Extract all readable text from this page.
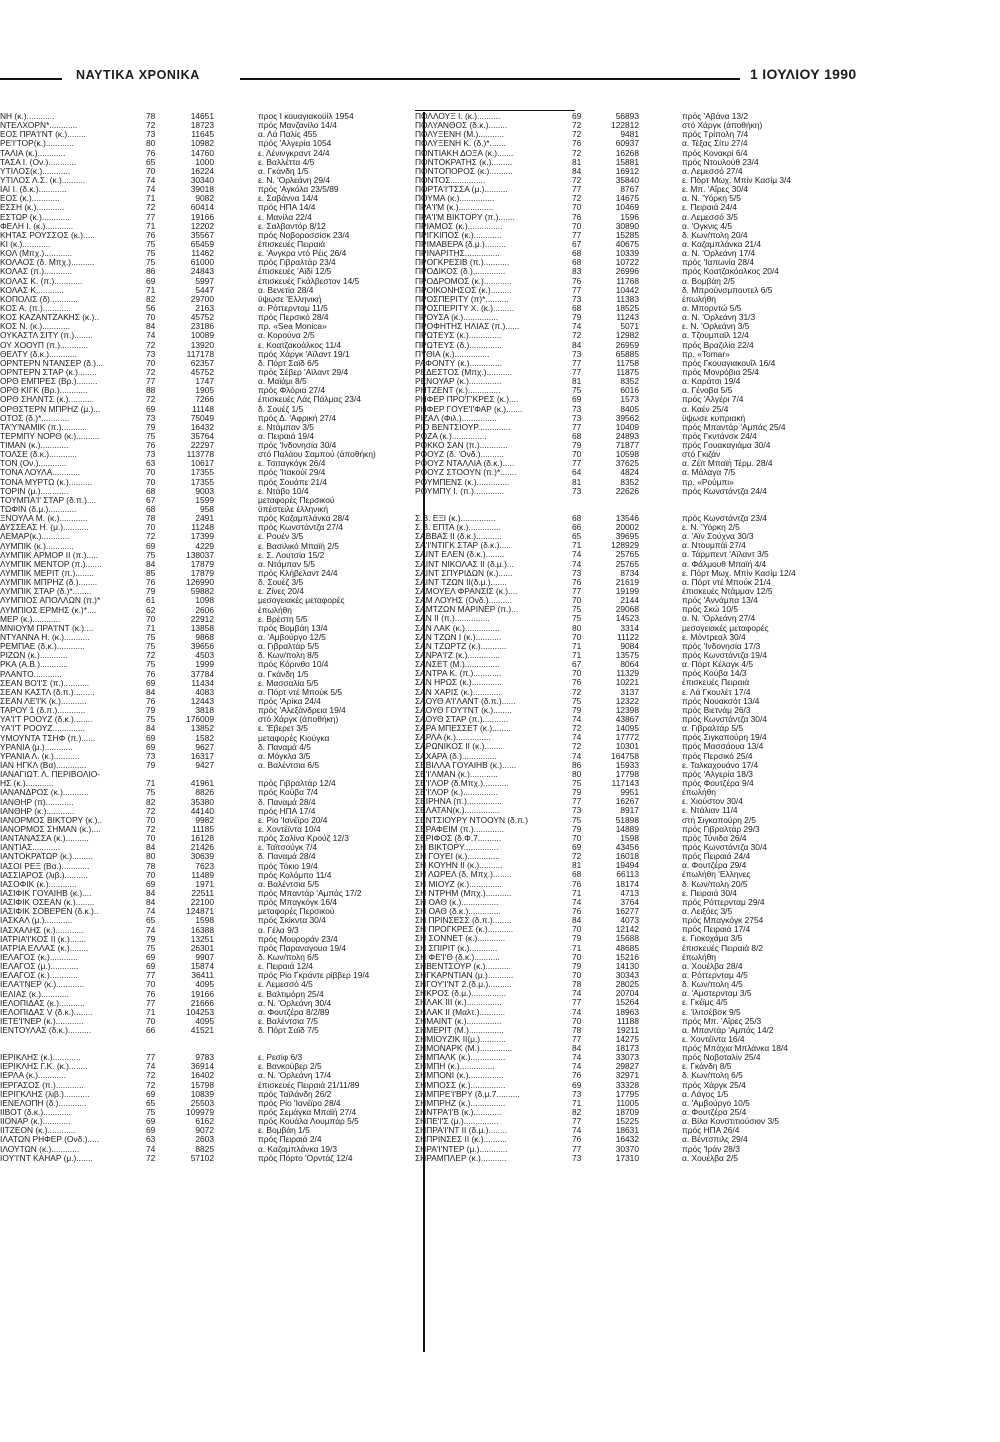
ΝΑΥΤΙΚΑ ΧΡΟΝΙΚΑ	1 ΙΟΥΛΙΟΥ 1990
ΝΗ (κ.)............	78	14651	προς Ι κουαγιακοϋίλ 1954
ΝΤΕΛΧΟΡΝ*............	72	18723	πρός Μανζανίλο 14/4
ΕΟΣ ΠΡΑ'Ι'ΝΤ (κ.)........	73	11645	α. Λά Παλίς 455
ΡΕ'Ι'ΤΟΡ(κ.)............	80	10982	πρός 'Αλγερία 1054
ΤΑΛΙΑ (κ.)............	76	14760	ε. Λένινγκραντ 24/4
ΤΑΣΑ Ι. (Ον.)............	65	1000	ε. Βαλλέττα 4/5
ΥΤΙΛΟΣ(κ.)............	70	16224	α. Γκάνδη 1/5
ΥΤΙΛΟΣ Λ.Σ. (κ.)..........	74	30340	ε. Ν. 'Ορλεάνη 29/4
ΙΑΙ Ι. (δ.κ.)............	74	39018	πρός 'Αγκόλα 23/5/89
ΕΟΣ (κ.)............	71	9082	ε. Σαβάννα 14/4
ΕΣΣΗ (κ.)............	72	60414	πρός ΗΠΑ 14/4
ΕΣΤΩΡ (κ.)............	77	19166	ε. Μανίλα 22/4
ΦΕΛΗ Ι. (κ.)............	71	12202	ε. Σαλβαντόρ 8/12
ΚΗΤΑΣ ΡΟΥΣΣΟΣ (κ.).....	76	35567	πρός Νοβοροσσίσκ 23/4
ΚΙ (κ.)............	75	65459	έπισκευές Πειραιά
ΚΟΛ (Μπχ.)............	75	11462	ε. 'Ανγκρα ντό Ρέις 26/4
ΚΟΛΑΟΣ (δ. Μπχ.)..........	75	61000	πρός Γιβραλτάρ 23/4
ΚΟΛΑΣ (π.)............	86	24843	έπισκευές 'Αϊδί 12/5
ΚΟΛΑΣ Κ. (π.)............	69	5997	έπισκευές Γκάλβεστον 14/5
ΚΟΛΑΣ Κ............	71	5447	α. Βενετία 28/4
ΚΟΠΟΛΙΣ (δ)............	82	29700	ϋψωσε 'Ελληνική
ΚΟΣ Α. (π.)............	56	2163	α. Ρόττερνταμ 11/5
ΚΟΣ ΚΑΖΑΝΤΖΑΚΗΣ (κ.)..	70	45752	πρός Περσικό 28/4
ΚΟΣ Ν. (κ.)............	84	23186	πρ. «Sea Monica»
ΟΥΚΑΣΤΛ ΣΙΤΥ (π.)........	74	10089	α. Κορούνα 2/5
ΟΥ ΧΟΟΥΠ (π.)............	72	13920	ε. Κοατζακοάλκος 11/4
ΘΕΛΤΥ (δ.κ.)............	73	117178	πρός Χάργκ 'Αϊλαντ 19/1
ΟΡΝΤΕΡΝ ΝΤΑΝΣΕΡ (δ.)...	70	62357	δ. Πόρτ Σαϊδ 6/5
ΟΡΝΤΕΡΝ ΣΤΑΡ (κ.)........	72	45752	πρός Σέβερ 'Αϊλαντ 29/4
ΟΡΘ ΕΜΠΡΕΣ (Βρ.).........	77	1747	α. Μαϊάμι 8/5
ΟΡΘ ΚΙΓΚ (Βρ.)............	88	1905	πρός Φλόρια 27/4
ΟΡΘ ΣΗΛΝΤΣ (κ.)...........	72	7266	έπισκευές Λάς Πάλμας 23/4
ΟΡΘΣΤΕΡΝ ΜΠΡΗΖ (μ.)...	69	11148	δ. Σουέζ 1/5
ΟΤΟΣ (δ.)*............	73	75049	πρός Δ. 'Αφρική 27/4
ΤΑ'Υ'ΝΑΜΙΚ (π.)...........	79	16432	ε. Ντάμπαν 3/5
ΤΕΡΜΠΥ ΝΟΡΘ (κ.)..........	75	35764	α. Πειραιά 19/4
ΤΙΜΑΝ (κ.)............	76	22297	πρός 'Ινδονησία 30/4
ΤΟΛΣΕ (δ.κ.)............	73	113778	στό Παλάου Σαμπού (άποθήκη)
ΤΟΝ (Ον.)............	63	10617	ε. Τσιταγκόγκ 26/4
ΤΟΝΑ ΛΟΥΛΑ............	70	17355	πρός 'Ιτακούϊ 29/4
ΤΟΝΑ ΜΥΡΤΩ (κ.)..........	70	17355	πρός Σουάπε 21/4
ΤΟΡΙΝ (μ.)............	68	9003	ε. Ντάβο 10/4
ΤΟΥΜΠΑ'Ι' ΣΤΑΡ (δ.π.)....	67	1599	μεταφορές Περσικού
ΤΩΦΙΝ (δ.μ.)............	68	958	ϋπέστειλε έλληνική
ΞΝΟΥΛΑ Μ. (κ.)............	78	2491	πρός Καζαμπλάνκα 28/4
ΔΥΣΣΕΑΣ Η. (μ.)...........	70	11248	πρός Κωνστάντζα 27/4
ΛΕΜΑΡ(κ.)............	72	17399	ε. Ρουέν 3/5
ΛΥΜΠΙΚ (κ.)............	69	4229	ε. Βασιλικό Μπαϊή 2/5
ΛΥΜΠΙΚ ΑΡΜΟΡ ΙΙ (π.).....	75	138037	ε. Σ. Λουτσία 15/2
ΛΥΜΠΙΚ ΜΕΝΤΟΡ (π.).......	84	17879	α. Ντάμπαν 5/5
ΛΥΜΠΙΚ ΜΕΡΙΤ (π.)........	85	17879	πρός Κλήβελαντ 24/4
ΛΥΜΠΙΚ ΜΠΡΗΖ (δ.)........	76	126990	δ. Σουέζ 3/5
ΛΥΜΠΙΚ ΣΤΑΡ (δ.)*........	79	59882	ε. Ζίνες 20/4
ΛΥΜΠΙΟΣ ΑΠΟΛΛΩΝ (π.)*	61	1098	μεσογειακές μεταφορές
ΛΥΜΠΙΟΣ ΕΡΜΗΣ (κ.)*....	62	2606	έπωλήθη
ΜΕΡ (κ.)............	70	22912	ε. Βρέστη 5/5
ΜΝΙΟΥΜ ΠΡΑ'Ι'ΝΤ (κ.)....	71	13858	πρός Βομβάη 13/4
ΝΤΥΑΝΝΑ Η. (κ.)...........	75	9868	α. 'Αμβούργο 12/5
ΡΕΜΠΑΕ (δ.κ.)............	75	39656	α. Γιβραλτάρ 5/5
ΡΙΖΩΝ (κ.)............	72	4503	δ. Κων/πολη 8/5
ΡΚΑ (Α.Β.)............	75	1999	πρός Κόρινθο 10/4
ΡΛΑΝΤΟ............	76	37784	α. Γκάνδη 1/5
ΣΕΑΝ ΒΟ'Ι'Σ (π.)...........	69	11434	ε. Μασσαλία 5/5
ΣΕΑΝ ΚΑΣΤΛ (δ.π.).........	84	4083	α. Πόρτ ντέ Μπούκ 5/5
ΣΕΑΝ ΛΕ'Ι'Κ (κ.)...........	76	12443	πρός 'Αρίκα 24/4
ΤΑΡΟΥ 1 (δ.π.)............	79	3818	πρός 'Αλεξάνδρεια 19/4
ΥΑ'Ι'Τ ΡΟΟΥΖ (δ.κ.)........	75	176009	στό Χάργκ (άποθήκη)
ΥΑ'Ι'Τ ΡΟΟΥΖ..............	84	13852	ε. 'Εβερετ 3/5
ΥΜΟΥΝΤΑ ΤΣΗΦ (π.)......	69	1582	μεταφορές Κιούγκα
ΥΡΑΝΙΑ (μ.)............	69	9627	δ. Παναμά 4/5
ΥΡΑΝΙΑ Λ. (κ.)...........	73	16317	α. Μόγκλα 3/5
ΙΑΝ ΗΓΚΛ (Βα).............	79	9427	α. Βαλέντσια 6/5
ΙΑΝΑΓΙΩΤ. Λ. ΠΕΡΙΒΟΛΙΟ-
ΗΣ (κ.)............	71	41961	πρός Γιβραλτάρ 12/4
ΙΑΝΑΝΔΡΟΣ (κ.)...........	75	8826	πρός Κούβα 7/4
ΙΑΝΘΗΡ (π)............	82	35380	δ. Παναμά 28/4
ΙΑΝΘΗΡ (κ.)............	72	44140	πρός ΗΠΑ 17/4
ΙΑΝΟΡΜΟΣ ΒΙΚΤΟΡΥ (κ.)..	70	9982	ε. Ρίο 'Ιανέϊρο 20/4
ΙΑΝΟΡΜΟΣ ΣΗΜΑΝ (κ.)....	72	11185	ε. Χοντέϊντα 10/4
ΙΑΝΤΑΝΑΣΣΑ (κ.)..........	70	16128	πρός Σαλίνα Κρούζ 12/3
ΙΑΝΤΙΑΣ............	84	21426	ε. Ταϊτσούγκ 7/4
ΙΑΝΤΟΚΡΑΤΩΡ (κ.).........	80	30639	δ. Παναμά 28/4
ΙΑΣΟΙ ΡΕΞ (Βα.)............	78	7623	πρός Τόκιο 19/4
ΙΑΣΣΙΑΡΟΣ (λιβ.)..........	70	11489	πρός Κολόμπο 11/4
ΙΑΣΟΦΙΚ (κ.)............	69	1971	α. Βαλέντσια 5/5
ΙΑΣΙΦΙΚ ΓΟΥΑΙΗΒ (κ.)....	84	22511	πρός Μπαντάρ 'Αμπάς 17/2
ΙΑΣΙΦΙΚ ΟΣΕΑΝ (κ.)........	84	22100	πρός Μπαγκόγκ 16/4
ΙΑΣΙΦΙΚ ΣΟΒΕΡΕΝ (δ.κ.)..	74	124871	μεταφορές Περσικού
ΙΑΣΚΑΛ (μ.)............	65	1598	πρός Σκίκντα 30/4
ΙΑΣΧΑΛΗΣ (κ.)............	74	16388	α. Γέλα 9/3
ΙΑΤΡΙΑ'Ι'ΚΟΣ ΙΙ (κ.).......	79	13251	πρός Μουροράν 23/4
ΙΑΤΡΙΑ ΕΛΛΑΣ (κ.)........	75	26301	πρός Παραναγουα 19/4
ΙΕΛΑΓΟΣ (κ.)............	69	9907	δ. Κων/πολη 6/5
ΙΕΛΑΓΟΣ (μ.)............	69	15874	ε. Πειραιά 12/4
ΙΕΛΑΓΟΣ (κ.)............	77	36411	πρός Ρίο Γκράντε ρίββερ 19/4
ΙΕΛΑ'Ι'ΝΕΡ (κ.)............	70	4095	ε. Λεμεσσό 4/5
ΙΕΛΙΑΣ (κ.)............	76	19166	ε. Βαλτιμόρη 25/4
ΙΕΛΟΠΙΔΑΣ (κ.)...........	77	21666	α. Ν. 'Ορλεάνη 30/4
ΙΕΛΟΠΙΔΑΣ V (δ.κ.)........	71	104253	α. Φουτζέρα 8/2/89
ΙΕΤΕ'Ι'ΝΕΡ (κ.)............	70	4095	ε. Βαλέντσια 7/5
ΙΕΝΤΟΥΛΑΣ (δ.κ.)..........	66	41521	δ. Πόρτ Σαϊδ 7/5
ΙΕΡΙΚΛΗΣ (κ.)............	77	9783	ε. Ρεσίφ 6/3
ΙΕΡΙΚΛΗΣ Γ.Κ. (κ.)........	74	36914	ε. Βανκούβερ 2/5
ΙΕΡΛΑ (κ.)............	72	16402	α. Ν. 'Ορλεάνη 17/4
ΙΕΡΓΑΣΟΣ (π.)............	72	15798	έπισκευές Πειραιά 21/11/89
ΙΕΡΙΓΚΛΗΣ (λιβ.)...........	69	10839	πρός Ταϊλάνδη 26/2
ΙΕΝΕΛΟΠΗ (δ.)............	65	25503	πρός Ρίο 'Ιανέϊρο 28/4
ΙΙΒΟΤ (δ.κ.)............	75	109979	πρός Σεμάγκα Μπαϊή 27/4
ΙΙΟΝΑΡ (κ.)............	69	6162	πρός Κουάλα Λουμπάρ 5/5
ΙΙΤΖΕΟΝ (κ.)............	69	9072	ε. Βομβάη 1/5
ΙΛΑΤΩΝ ΡΗΦΕΡ (Ονδ.).....	63	2603	πρός Πειραιά 2/4
ΙΛΟΥΤΩΝ (κ.)............	74	8825	α. Καζαμπλάνκα 19/3
ΙΟΥ'Ι'ΝΤ ΚΑΗΑΡ (μ.).......	72	57102	πρός Πόρτο 'Ορντάζ 12/4
ΠΟΛΛΟΥΞ Ι. (κ.)..........	69	56893	πρός 'Αβάνα 13/2
ΠΟΛΥΑΝΘΟΣ (δ.κ.)........	72	122812	στό Χάργκ (άποθήκη)
ΠΟΛΥΞΕΝΗ (Μ.)...........	72	9481	πρός Τρίπολη 7/4
ΠΟΛΥΞΕΝΗ Κ. (δ.)*.......	76	60937	α. Τέξας Σίτυ 27/4
ΠΟΝΤΙΑΚΗ ΔΟΞΑ (κ.).......	72	16268	πρός Κονακρί 6/4
ΠΟΝΤΟΚΡΑΤΗΣ (κ.).........	81	15881	πρός Ντουλούθ 23/4
ΠΟΝΤΟΠΟΡΟΣ (κ.)..........	84	16912	α. Λεμεσσό 27/4
ΠΟΝΤΟΣ...............	72	35840	ε. Πόρτ Μωχ. Μπίν Κασίμ 3/4
ΠΟΡΤΑ'Ι'ΤΣΣΑ (μ.)..........	77	8767	ε. Μπ. 'Αΐρες 30/4
ΠΟΥΜΑ (κ.)...............	72	14675	α. Ν. 'Υόρκη 5/5
ΠΡΑ'Ι'Μ (κ.)...............	70	10469	ε. Πειραιά 24/4
ΠΡΑ'Ι'Μ ΒΙΚΤΟΡΥ (π.).......	76	1596	α. Λεμεσσό 3/5
ΠΡΙΑΜΟΣ (κ.)...............	70	30890	α. 'Ογκνις 4/5
ΠΡΙΓΚΙΠΟΣ (κ.)............	77	15285	δ. Κων/πολη 20/4
ΠΡΙΜΑΒΕΡΑ (δ.μ.).........	67	40675	α. Καζαμπλάνκα 21/4
ΠΡΙΝΑΡΙΤΗΣ...............	68	10339	α. Ν. 'Ορλεάνη 17/4
ΠΡΟΓΚΡΕΣΙΒ (π.)...........	68	10722	πρός 'Ιαπωνία 28/4
ΠΡΟΔΙΚΟΣ (δ.)..............	83	26996	πρός Κοατζακόαλκος 20/4
ΠΡΟΔΡΟΜΟΣ (κ.)............	76	11768	α. Βομβάη 2/5
ΠΡΟΙΚΟΝΗΣΟΣ (κ.).........	77	10442	δ. Μπρούνσμπουτελ 6/5
ΠΡΟΣΠΕΡΙΤΥ (π)*..........	73	11383	έπωλήθη
ΠΡΟΣΠΕΡΙΤΥ Χ. (κ.).........	68	18525	α. Μπορντώ 5/5
ΠΡΟΥΣΑ (κ.)...............	79	11243	α. Ν. 'Ορλεάνη 31/3
ΠΡΟΦΗΤΗΣ ΗΛΙΑΣ (π.)......	74	5071	ε. Ν. 'Ορλεάνη 3/5
ΠΡΩΤΕΥΣ (κ.)..............	72	12982	α. Τζουμπαϊλ 12/4
ΠΡΩΤΕΥΣ (δ.)..............	84	26959	πρός Βραζιλία 22/4
ΠΥΘΙΑ (κ.)...............	73	65885	πρ. «Tomar»
ΡΑΦΟΝΤΥ (κ.)..............	77	11758	πρός Γκουαγιακουΐλ 16/4
ΡΕΔΕΣΤΟΣ (Μπχ.)...........	77	11875	πρός Μονρόβια 25/4
ΡΕΝΟΥΑΡ (κ.)..............	81	8352	α. Καράτσι 19/4
ΡΗΤΖΕΝΤ (κ.)..............	75	6016	α. Γένοβα 5/5
ΡΗΦΕΡ ΠΡΟ'Γ'ΚΡΕΣ (κ.)....	69	1573	πρός 'Αλγέρι 7/4
ΡΗΦΕΡ ΓΟΥΕ'Ι'ΦΑΡ (κ.).......	73	8405	α. Καέν 25/4
ΡΙΖΑΛ (Φιλ.)...............	73	39562	ϋψωσε κυπριακή
ΡΙΟ ΒΕΝΤΣΙΟΥΡ..............	77	10409	πρός Μπαντάρ 'Αμπάς 25/4
ΡΟΖΑ (κ.)...............	68	24893	πρός Γκντάνσκ 24/4
ΡΟΚΚΟ ΣΑΝ (π.)............	79	71877	πρός Γουακαγιάμα 30/4
ΡΟΟΥΖ (δ. 'Ονδ.)..........	70	10598	στό Γκιζάν
ΡΟΟΥΖ ΝΤΑΛΛΙΑ (δ.κ.).....	77	37625	α. Ζέϊτ Μπαϊή Τέρμ. 28/4
ΡΟΟΥΖ ΣΤΟΟΥΝ (π.)*.......	64	4824	α. Μάλαγα 7/5
ΡΟΥΜΠΕΝΣ (κ.)..............	81	8352	πρ. «Ρούμπι»
ΡΟΥΜΠΥ Ι. (π.).............	73	22626	πρός Κωνστάντζα 24/4
Σ.Β. ΕΞΙ (κ.)...............	68	13546	πρός Κωνστάντζα 23/4
Σ.Β. ΕΠΤΑ (κ.)..............	66	20002	ε. Ν. 'Υόρκη 2/5
ΣΑΒΒΑΣ ΙΙ (δ.κ.)...........	65	39695	α. 'Αϊν Σούχνα 30/3
ΣΑ'Ι'ΝΤΙΓΚ ΣΤΑΡ (δ.κ.).....	71	128929	α. Ντουμπάϊ 27/4
ΣΑΙΝΤ ΕΛΕΝ (δ.κ.)........	74	25765	α. Τάρμπεντ 'Αϊλαντ 3/5
ΣΑΙΝΤ ΝΙΚΟΛΑΣ ΙΙ (δ.μ.)...	74	25765	α. Φάλμουθ Μπαϊή 4/4
ΣΑΙΝΤ ΣΠΥΡΙΔΩΝ (κ.)......	73	8734	ε. Πόρτ Μωχ. Μπίν Κασίμ 12/4
ΣΑΙΝΤ ΤΖΩΝ ΙΙ(δ.μ.).......	76	21619	α. Πόρτ ντέ Μπούκ 21/4
ΣΑΜΟΥΕΛ ΦΡΑΝΣΙΣ (κ.)....	77	19199	έπισκευές Ντάμμαν 12/5
ΣΑΜ ΛΟΥΗΣ (Ονδ.)..........	70	2144	πρός 'Αννάμπα 13/4
ΣΑΜΤΖΩΝ ΜΑΡΙΝΕΡ (π.)...	75	29068	πρός Σκώ 10/5
ΣΑΝ ΙΙ (π.)...............	75	14523	α. Ν. 'Ορλεάνη 27/4
ΣΑΝ ΛΑΚ (κ.)...............	80	3314	μεσογειακές μεταφορές
ΣΑΝ ΤΖΩΝ Ι (κ.)...........	70	11122	ε. Μόντρεαλ 30/4
ΣΑΝ ΤΖΩΡΤΖ (κ.)...........	71	9084	πρός 'Ινδονησία 17/3
ΣΑΝΡΑ'Ι'Ζ (κ.)..............	71	13575	πρός Κωνστάντζα 19/4
ΣΑΝΣΕΤ (Μ.)...............	67	8064	α. Πόρτ Κέλαγκ 4/5
ΣΑΝΤΡΑ Κ. (π.)............	70	11329	πρός Κούβα 14/3
ΣΑΝ ΗΡΩΣ (κ.).............	76	10221	έπισκευές Πειραιά
ΣΑΝ ΧΑΡΙΣ (κ.)............	72	3137	ε. Λά Γκουλέτ 17/4
ΣΑΟΥΘ Α'Ι'ΛΑΝΤ (δ.π.)......	75	12322	πρός Νουακσότ 13/4
ΣΑΟΥΘ ΓΟΥ'Ι'ΝΤ (κ.)........	79	12398	πρός Βιετνάμ 26/3
ΣΑΟΥΘ ΣΤΑΡ (π.)...........	74	43867	πρός Κωνστάντζα 30/4
ΣΑΡΑ ΜΠΕΣΣΕΤ (κ.)........	72	14095	α. Γιβραλτάρ 5/5
ΣΑΡΛΑ (κ.)...............	74	17772	πρός Σιγκαπούρη 19/4
ΣΑΡΩΝΙΚΟΣ ΙΙ (κ.)........	72	10301	πρός Μασσάουα 13/4
ΣΑΧΑΡΑ (δ.)...............	74	164758	πρός Περσικό 25/4
ΣΕΒΙΛΛΑ ΓΟΥΑΙΗΒ (κ.)......	86	15933	ε. Ταλκαχουάνο 17/4
ΣΕ'Ι'ΛΜΑΝ (κ.)............	80	17798	πρός 'Αλγερία 18/3
ΣΕ'Ι'ΛΟΡ (δ.Μπχ.)...........	75	117143	πρός Φουτζέρα 9/4
ΣΕ'Ι'ΛΟΡ (κ.)...............	79	9951	έπωλήθη
ΣΕΙΡΗΝΑ (π.)...............	77	16267	ε. Χιούστον 30/4
ΣΕΛΑΤΑΝ(κ.)...............	73	8917	ε. Ντάλιαν 11/4
ΣΕΝΤΣΙΟΥΡΥ ΝΤΟΟΥΝ (δ.π.)	75	51898	στή Σιγκαπούρη 2/5
ΣΕΡΑΦΕΙΜ (π.).............	79	14889	πρός Γιβραλτάρ 29/3
ΣΕΡΙΦΟΣ (δ.Φ.7..........	70	1598	πρός Τύνιδα 26/4
ΣΗ ΒΙΚΤΟΡΥ...............	69	43456	πρός Κωνστάντζα 30/4
ΣΗ ΓΟΥΕΙ (κ.)..............	72	16018	πρός Πειραιά 24/4
ΣΗ ΚΟΥΗΝ ΙΙ (κ.)..........	81	19494	α. Φουτζέρα 29/4
ΣΗ ΛΩΡΕΛ (δ. Μπχ.)........	68	66113	έπωλήθη 'Ελληνες
ΣΗ ΜΙΟΥΖ (κ.)..............	76	18174	δ. Κων/πολη 20/5
ΣΗ ΝΤΡΗΜ (Μπχ.)...........	71	4713	ε. Πειραιά 30/4
ΣΗ ΟΑΘ (κ.)................	74	3764	πρός Ρόττερνταμ 29/4
ΣΗ ΟΑΘ (δ.κ.)..............	76	16277	α. Λειξόες 3/5
ΣΗ ΠΡΙΝΣΕΣΣ (δ.π.)........	84	4073	πρός Μπαγκόγκ 2754
ΣΗ ΠΡΟΓΚΡΕΣ (κ.)...........	70	12142	πρός Πειραιά 17/4
ΣΗ ΣΟΝΝΕΤ (κ.)............	79	15688	ε. Γιοκοχάμα 3/5
ΣΗ ΣΠΙΡΙΤ (κ.)............	71	48685	έπισκευές Πειραιά 8/2
ΣΗ ΦΕ'Ι'Θ (δ.κ.)...........	70	15216	έπωλήθη
ΣΗΒΕΝΤΣΟΥΡ (κ.)...........	79	14130	α. Χουέλβα 28/4
ΣΗΓΚΑΡΝΤΙΑΝ (μ.)...........	70	30343	α. Ρόττερνταμ 4/5
ΣΗΓΟΥ'Ι'ΝΤ 2.(δ.μ.)..........	78	28025	δ. Κων/πολη 4/5
ΣΗΚΡΟΣ (δ.μ.)...............	74	20704	α. 'Αμστερνταμ 3/5
ΣΗΛΑΚ ΙΙΙ (κ.)...............	77	15264	ε. Γκέϊμς 4/5
ΣΗΛΑΚ ΙΙ (Μαλτ.)...........	74	18963	ε. 'Ιλιτσέβσκ 9/5
ΣΗΜΑΙΝΤ (κ.)...............	70	11188	πρός Μπ. 'Αΐρες 25/3
ΣΗΜΕΡΙΤ (Μ.)...............	78	19211	α. Μπαντάρ 'Αμπάς 14/2
ΣΗΜΙΟΥΖΙΚ ΙΙ(μ.)...........	77	14275	ε. Χοντέϊντα 16/4
ΣΗΜΟΝΑΡΚ (Μ.)..............	84	18173	πρός Μπάχια Μπλάνκα 18/4
ΣΗΜΠΑΛΚ (κ.)...............	74	33073	πρός Νοβοταλίν 25/4
ΣΗΜΠΗ (κ.)...............	74	29827	ε. Γκάνδη 8/5
ΣΗΜΠΟΝΙ (κ.)...............	76	32971	δ. Κων/πολη 6/5
ΣΗΜΠΟΣΣ (κ.)...............	69	33328	πρός Χάργκ 25/4
ΣΗΜΠΡΕ'Ι'ΒΡΥ (δ.μ.7..........	73	17795	α. Λάγος 1/5
ΣΗΜΠΡΗΖ (κ.)...............	71	11005	α. 'Αμβούργο 10/5
ΣΗΝΤΡΑ'Ι'Β (κ.)............	82	18709	α. Φουτζέρα 25/4
ΣΗΠΕ'Ι'Σ (μ.)...............	77	15225	α. Βίλα Κονστιτιούσιον 3/5
ΣΗΠΡΑ'Ι'ΝΤ ΙΙ (δ.μ.)........	74	18631	πρός ΗΠΑ 26/4
ΣΗΠΡΙΝΣΕΣ ΙΙ (κ.)..........	76	16432	α. Βέντσπιλς 29/4
ΣΗΡΑ'Ι'ΝΤΕΡ (μ.)............	77	30370	πρός 'Ιράν 28/3
ΣΗΡΑΜΠΛΕΡ (κ.)...........	73	17310	α. Χουέλβα 2/5
